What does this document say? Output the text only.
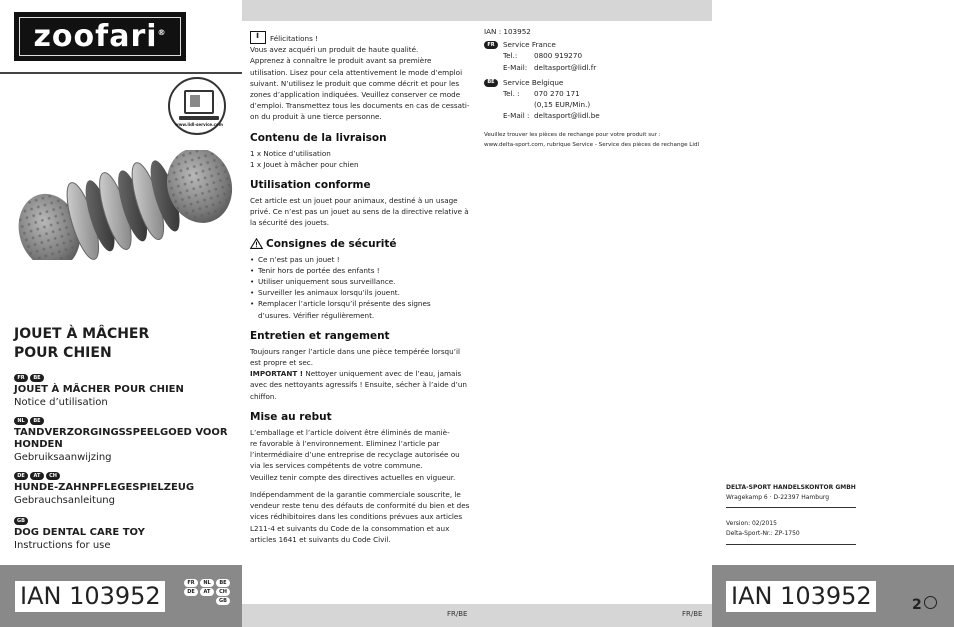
zoofari®
www.lidl-service.com
JOUET À MÂCHER
POUR CHIEN
FR	BE
JOUET À MÂCHER POUR CHIEN
Notice d’utilisation
NL	BE
TANDVERZORGINGSSPEELGOED VOOR HONDEN
Gebruiksaanwijzing
DE	AT	CH
HUNDE-ZAHNPFLEGESPIELZEUG
Gebrauchsanleitung
GB
DOG DENTAL CARE TOY
Instructions for use
IAN 103952	FR	NL	BE
DE	AT	CH
GB

iFélicitations !

Vous avez acquéri un produit de haute qualité.

Apprenez à connaître le produit avant sa première

utilisation. Lisez pour cela attentivement le mode d’emploi

suivant. N’utilisez le produit que comme décrit et pour les

zones d’application indiquées. Veuillez conserver ce mode

d’emploi. Transmettez tous les documents en cas de cessati-

on du produit à une tierce personne.

Contenu de la livraison

1 x Notice d’utilisation

1 x Jouet à mâcher pour chien

Utilisation conforme

Cet article est un jouet pour animaux, destiné à un usage

privé. Ce n’est pas un jouet au sens de la directive relative à

la sécurité des jouets.

Consignes de sécurité
• Ce n’est pas un jouet !
• Tenir hors de portée des enfants !
• Utiliser uniquement sous surveillance.
• Surveiller les animaux lorsqu’ils jouent.
• Remplacer l’article lorsqu’il présente des signes

d’usures. Vérifier régulièrement.

Entretien et rangement

Toujours ranger l’article dans une pièce tempérée lorsqu’il

est propre et sec.

IMPORTANT ! Nettoyer uniquement avec de l’eau, jamais

avec des nettoyants agressifs ! Ensuite, sécher à l’aide d’un

chiffon.

Mise au rebut

L’emballage et l’article doivent être éliminés de maniè-

re favorable à l’environnement. Eliminez l’article par

l’intermédiaire d’une entreprise de recyclage autorisée ou

via les services compétents de votre commune.

Veuillez tenir compte des directives actuelles en vigueur.

Indépendamment de la garantie commerciale souscrite, le

vendeur reste tenu des défauts de conformité du bien et des

vices rédhibitoires dans les conditions prévues aux articles

L211-4 et suivants du Code de la consommation et aux

articles 1641 et suivants du Code Civil.

IAN : 103952

FR	Service France

Tel.:	0800 919270
E-Mail: deltasport@lidl.fr
BE	Service Belgique

Tel. :	070 270 171
(0,15 EUR/Min.)
E-Mail : deltasport@lidl.be

Veuillez trouver les pièces de rechange pour votre produit sur :

www.delta-sport.com, rubrique Service - Service des pièces de rechange Lidl

FR/BE	FR/BE

DELTA-SPORT HANDELSKONTOR GMBH

Wragekamp 6 · D-22397 Hamburg

Version: 02/2015

Delta-Sport-Nr.: ZP-1750

IAN 103952	2
